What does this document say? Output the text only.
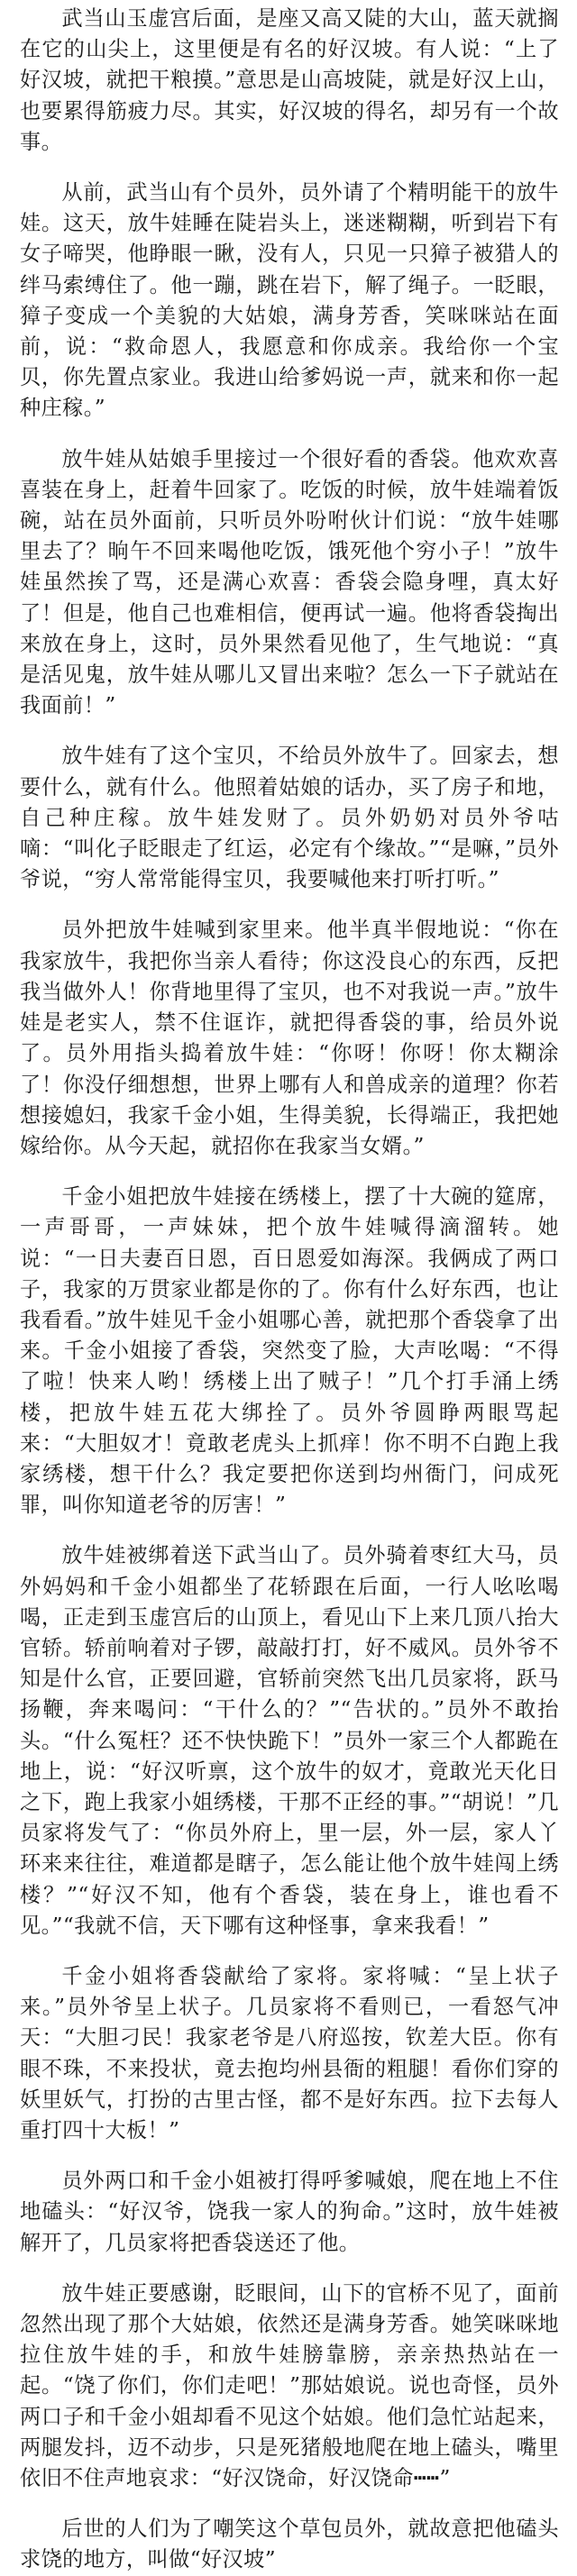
武当山玉虚宫后面，是座又高又陡的大山，蓝天就搁在它的山尖上，这里便是有名的好汉坡。有人说：“上了好汉坡，就把干粮摸。”意思是山高坡陡，就是好汉上山，也要累得筋疲力尽。其实，好汉坡的得名，却另有一个故事。

从前，武当山有个员外，员外请了个精明能干的放牛娃。这天，放牛娃睡在陡岩头上，迷迷糊糊，听到岩下有女子啼哭，他睁眼一瞅，没有人，只见一只獐子被猎人的绊马索缚住了。他一蹦，跳在岩下，解了绳子。一眨眼，獐子变成一个美貌的大姑娘，满身芳香，笑咪咪站在面前，说：“救命恩人，我愿意和你成亲。我给你一个宝贝，你先置点家业。我进山给爹妈说一声，就来和你一起种庄稼。”

放牛娃从姑娘手里接过一个很好看的香袋。他欢欢喜喜装在身上，赶着牛回家了。吃饭的时候，放牛娃端着饭碗，站在员外面前，只听员外吩咐伙计们说：“放牛娃哪里去了？晌午不回来喝他吃饭，饿死他个穷小子！”放牛娃虽然挨了骂，还是满心欢喜：香袋会隐身哩，真太好了！但是，他自己也难相信，便再试一遍。他将香袋掏出来放在身上，这时，员外果然看见他了，生气地说：“真是活见鬼，放牛娃从哪儿又冒出来啦？怎么一下子就站在我面前！”

放牛娃有了这个宝贝，不给员外放牛了。回家去，想要什么，就有什么。他照着姑娘的话办，买了房子和地，自己种庄稼。放牛娃发财了。员外奶奶对员外爷咕嘀：“叫化子眨眼走了红运，必定有个缘故。”“是嘛，”员外爷说，“穷人常常能得宝贝，我要喊他来打听打听。”

员外把放牛娃喊到家里来。他半真半假地说：“你在我家放牛，我把你当亲人看待；你这没良心的东西，反把我当做外人！你背地里得了宝贝，也不对我说一声。”放牛娃是老实人，禁不住诓诈，就把得香袋的事，给员外说了。员外用指头捣着放牛娃：“你呀！你呀！你太糊涂了！你没仔细想想，世界上哪有人和兽成亲的道理？你若想接媳妇，我家千金小姐，生得美貌，长得端正，我把她嫁给你。从今天起，就招你在我家当女婿。”

千金小姐把放牛娃接在绣楼上，摆了十大碗的筵席，一声哥哥，一声妹妹，把个放牛娃喊得滴溜转。她说：“一日夫妻百日恩，百日恩爱如海深。我俩成了两口子，我家的万贯家业都是你的了。你有什么好东西，也让我看看。”放牛娃见千金小姐哪心善，就把那个香袋拿了出来。千金小姐接了香袋，突然变了脸，大声吆喝：“不得了啦！快来人哟！绣楼上出了贼子！”几个打手涌上绣楼，把放牛娃五花大绑拴了。员外爷圆睁两眼骂起来：“大胆奴才！竟敢老虎头上抓痒！你不明不白跑上我家绣楼，想干什么？我定要把你送到均州衙门，问成死罪，叫你知道老爷的厉害！”

放牛娃被绑着送下武当山了。员外骑着枣红大马，员外妈妈和千金小姐都坐了花轿跟在后面，一行人吆吆喝喝，正走到玉虚宫后的山顶上，看见山下上来几顶八抬大官轿。轿前响着对子锣，敲敲打打，好不威风。员外爷不知是什么官，正要回避，官轿前突然飞出几员家将，跃马扬鞭，奔来喝问：“干什么的？”“告状的。”员外不敢抬头。“什么冤枉？还不快快跪下！”员外一家三个人都跪在地上，说：“好汉听禀，这个放牛的奴才，竟敢光天化日之下，跑上我家小姐绣楼，干那不正经的事。”“胡说！”几员家将发气了：“你员外府上，里一层，外一层，家人丫环来来往往，难道都是瞎子，怎么能让他个放牛娃闯上绣楼？”“好汉不知，他有个香袋，装在身上，谁也看不见。”“我就不信，天下哪有这种怪事，拿来我看！”

千金小姐将香袋献给了家将。家将喊：“呈上状子来。”员外爷呈上状子。几员家将不看则已，一看怒气冲天：“大胆刁民！我家老爷是八府巡按，钦差大臣。你有眼不珠，不来投状，竟去抱均州县衙的粗腿！看你们穿的妖里妖气，打扮的古里古怪，都不是好东西。拉下去每人重打四十大板！”

员外两口和千金小姐被打得呼爹喊娘，爬在地上不住地磕头：“好汉爷，饶我一家人的狗命。”这时，放牛娃被解开了，几员家将把香袋送还了他。

放牛娃正要感谢，眨眼间，山下的官桥不见了，面前忽然出现了那个大姑娘，依然还是满身芳香。她笑咪咪地拉住放牛娃的手，和放牛娃膀靠膀，亲亲热热站在一起。“饶了你们，你们走吧！”那姑娘说。说也奇怪，员外两口子和千金小姐却看不见这个姑娘。他们急忙站起来，两腿发抖，迈不动步，只是死猪般地爬在地上磕头，嘴里依旧不住声地哀求：“好汉饶命，好汉饶命┅┅”

后世的人们为了嘲笑这个草包员外，就故意把他磕头求饶的地方，叫做“好汉坡”
